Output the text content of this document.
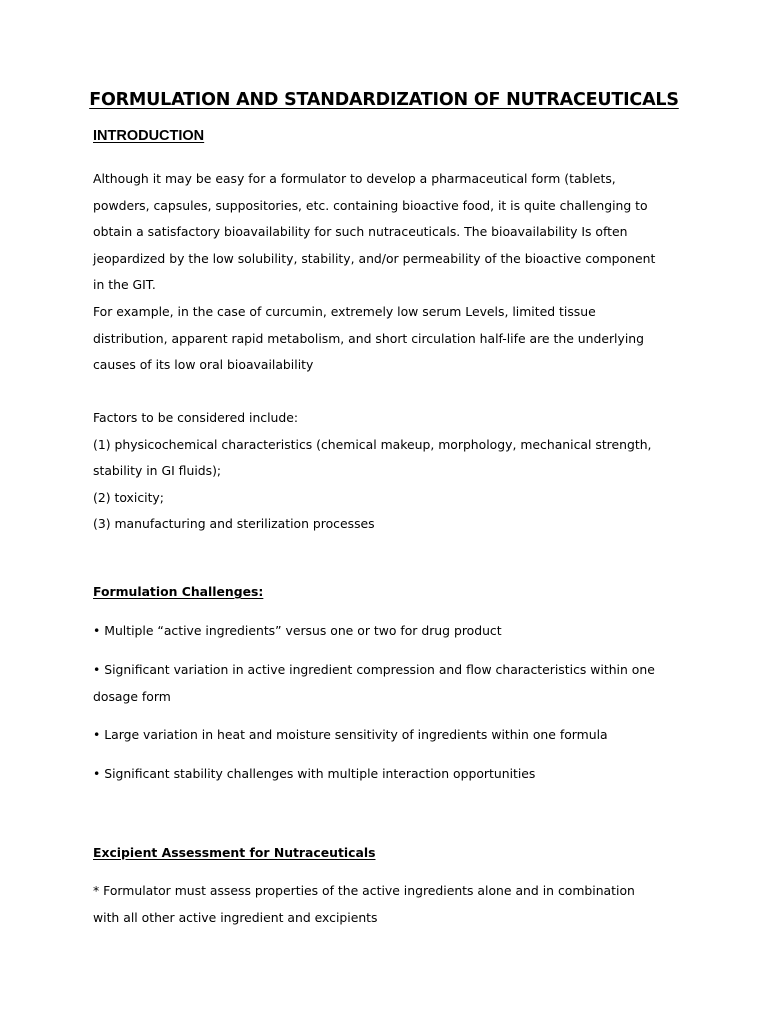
FORMULATION AND STANDARDIZATION OF NUTRACEUTICALS
INTRODUCTION
Although it may be easy for a formulator to develop a pharmaceutical form (tablets,
powders, capsules, suppositories, etc. containing bioactive food, it is quite challenging to
obtain a satisfactory bioavailability for such nutraceuticals. The bioavailability Is often
jeopardized by the low solubility, stability, and/or permeability of the bioactive component
in the GIT.
For example, in the case of curcumin, extremely low serum Levels, limited tissue
distribution, apparent rapid metabolism, and short circulation half-life are the underlying
causes of its low oral bioavailability
Factors to be considered include:
(1) physicochemical characteristics (chemical makeup, morphology, mechanical strength,
stability in GI fluids);
(2) toxicity;
(3) manufacturing and sterilization processes
Formulation Challenges:
• Multiple “active ingredients” versus one or two for drug product
• Significant variation in active ingredient compression and flow characteristics within one
dosage form
• Large variation in heat and moisture sensitivity of ingredients within one formula
• Significant stability challenges with multiple interaction opportunities
Excipient Assessment for Nutraceuticals
* Formulator must assess properties of the active ingredients alone and in combination
with all other active ingredient and excipients
